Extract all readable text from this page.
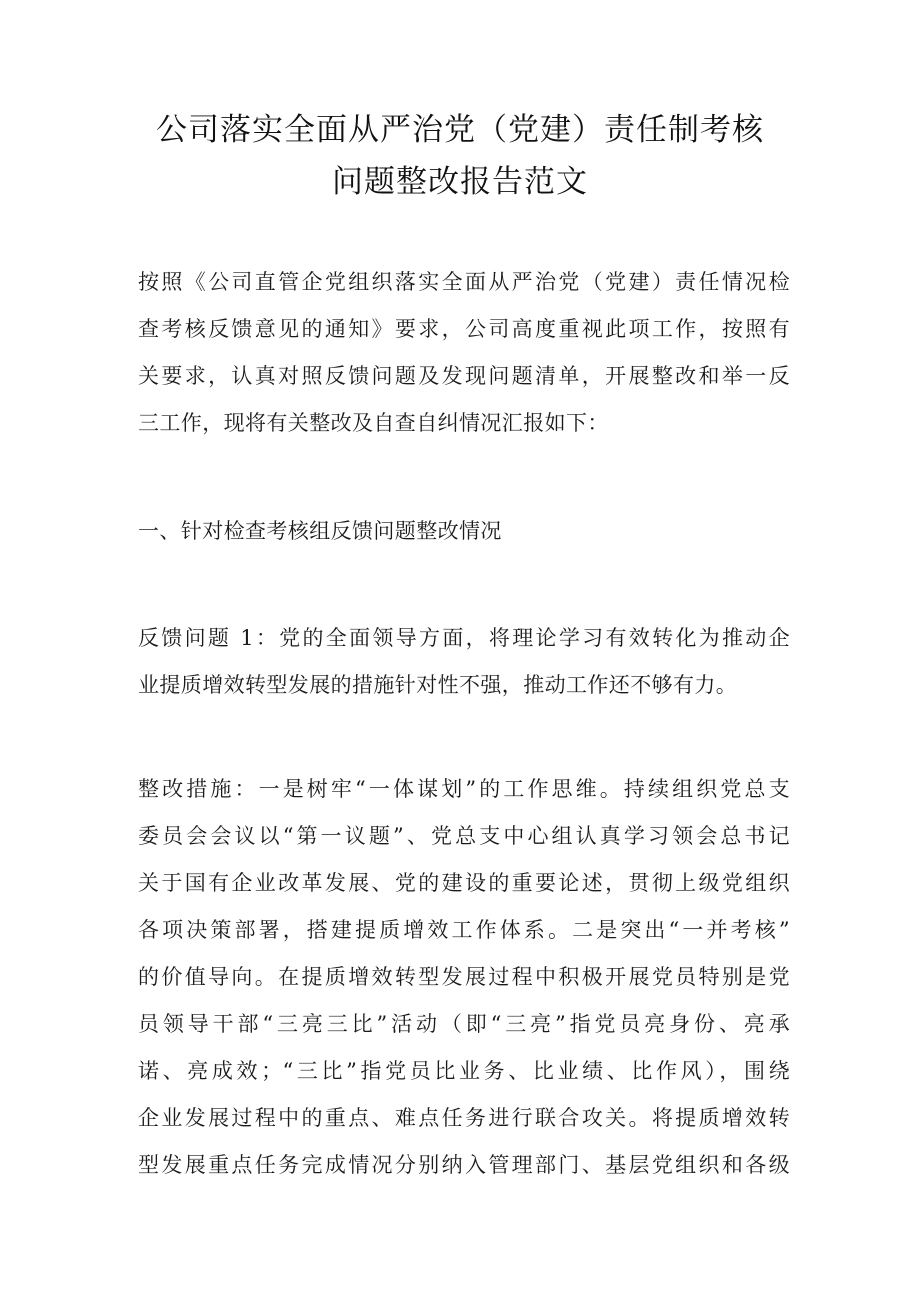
公司落实全面从严治党（党建）责任制考核
问题整改报告范文
按照《公司直管企党组织落实全面从严治党（党建）责任情况检
查考核反馈意见的通知》要求，公司高度重视此项工作，按照有
关要求，认真对照反馈问题及发现问题清单，开展整改和举一反
三工作，现将有关整改及自查自纠情况汇报如下：
一、针对检查考核组反馈问题整改情况
反馈问题 1：党的全面领导方面，将理论学习有效转化为推动企
业提质增效转型发展的措施针对性不强，推动工作还不够有力。
整改措施：一是树牢“一体谋划”的工作思维。持续组织党总支
委员会会议以“第一议题”、党总支中心组认真学习领会总书记
关于国有企业改革发展、党的建设的重要论述，贯彻上级党组织
各项决策部署，搭建提质增效工作体系。二是突出“一并考核”
的价值导向。在提质增效转型发展过程中积极开展党员特别是党
员领导干部“三亮三比”活动（即“三亮”指党员亮身份、亮承
诺、亮成效；“三比”指党员比业务、比业绩、比作风），围绕
企业发展过程中的重点、难点任务进行联合攻关。将提质增效转
型发展重点任务完成情况分别纳入管理部门、基层党组织和各级
